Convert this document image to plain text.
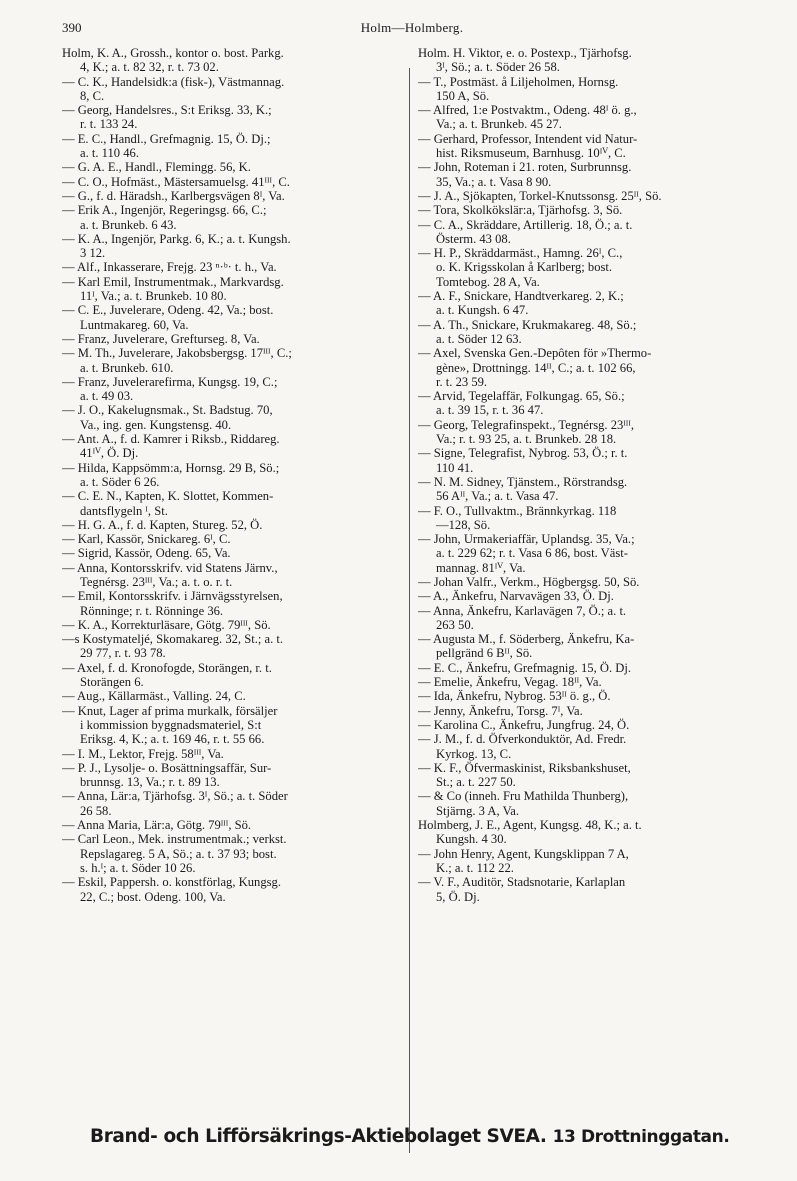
390	Holm—Holmberg.
Holm, K. A., Grossh., kontor o. bost. Parkg.
4, K.; a. t. 82 32, r. t. 73 02.
— C. K., Handelsidk:a (fisk-), Västmannag.
8, C.
— Georg, Handelsres., S:t Eriksg. 33, K.;
r. t. 133 24.
— E. C., Handl., Grefmagnig. 15, Ö. Dj.;
a. t. 110 46.
— G. A. E., Handl., Flemingg. 56, K.
— C. O., Hofmäst., Mästersamuelsg. 41ᴵᴵᴵ, C.
— G., f. d. Häradsh., Karlbergsvägen 8ᴵ, Va.
— Erik A., Ingenjör, Regeringsg. 66, C.;
a. t. Brunkeb. 6 43.
— K. A., Ingenjör, Parkg. 6, K.; a. t. Kungsh.
3 12.
— Alf., Inkasserare, Frejg. 23 ⁿ·ᵇ· t. h., Va.
— Karl Emil, Instrumentmak., Markvardsg.
11ᴵ, Va.; a. t. Brunkeb. 10 80.
— C. E., Juvelerare, Odeng. 42, Va.; bost.
Luntmakareg. 60, Va.
— Franz, Juvelerare, Grefturseg. 8, Va.
— M. Th., Juvelerare, Jakobsbergsg. 17ᴵᴵᴵ, C.;
a. t. Brunkeb. 610.
— Franz, Juvelerarefirma, Kungsg. 19, C.;
a. t. 49 03.
— J. O., Kakelugnsmak., St. Badstug. 70,
Va., ing. gen. Kungstensg. 40.
— Ant. A., f. d. Kamrer i Riksb., Riddareg.
41ᴵⱽ, Ö. Dj.
— Hilda, Kappsömm:a, Hornsg. 29 B, Sö.;
a. t. Söder 6 26.
— C. E. N., Kapten, K. Slottet, Kommen-
dantsflygeln ᴵ, St.
— H. G. A., f. d. Kapten, Stureg. 52, Ö.
— Karl, Kassör, Snickareg. 6ᴵ, C.
— Sigrid, Kassör, Odeng. 65, Va.
— Anna, Kontorsskrifv. vid Statens Järnv.,
Tegnérsg. 23ᴵᴵᴵ, Va.; a. t. o. r. t.
— Emil, Kontorsskrifv. i Järnvägsstyrelsen,
Rönninge; r. t. Rönninge 36.
— K. A., Korrekturläsare, Götg. 79ᴵᴵᴵ, Sö.
—s Kostymateljé, Skomakareg. 32, St.; a. t.
29 77, r. t. 93 78.
— Axel, f. d. Kronofogde, Storängen, r. t.
Storängen 6.
— Aug., Källarmäst., Valling. 24, C.
— Knut, Lager af prima murkalk, försäljer
i kommission byggnadsmateriel, S:t
Eriksg. 4, K.; a. t. 169 46, r. t. 55 66.
— I. M., Lektor, Frejg. 58ᴵᴵᴵ, Va.
— P. J., Lysolje- o. Bosättningsaffär, Sur-
brunnsg. 13, Va.; r. t. 89 13.
— Anna, Lär:a, Tjärhofsg. 3ᴵ, Sö.; a. t. Söder
26 58.
— Anna Maria, Lär:a, Götg. 79ᴵᴵᴵ, Sö.
— Carl Leon., Mek. instrumentmak.; verkst.
Repslagareg. 5 A, Sö.; a. t. 37 93; bost.
s. h.ᴵ; a. t. Söder 10 26.
— Eskil, Pappersh. o. konstförlag, Kungsg.
22, C.; bost. Odeng. 100, Va.
Holm. H. Viktor, e. o. Postexp., Tjärhofsg.
3ᴵ, Sö.; a. t. Söder 26 58.
— T., Postmäst. å Liljeholmen, Hornsg.
150 A, Sö.
— Alfred, 1:e Postvaktm., Odeng. 48ᴵ ö. g.,
Va.; a. t. Brunkeb. 45 27.
— Gerhard, Professor, Intendent vid Natur-
hist. Riksmuseum, Barnhusg. 10ᴵⱽ, C.
— John, Roteman i 21. roten, Surbrunnsg.
35, Va.; a. t. Vasa 8 90.
— J. A., Sjökapten, Torkel-Knutssonsg. 25ᴵᴵ, Sö.
— Tora, Skolkökslär:a, Tjärhofsg. 3, Sö.
— C. A., Skräddare, Artillerig. 18, Ö.; a. t.
Österm. 43 08.
— H. P., Skräddarmäst., Hamng. 26ᴵ, C.,
o. K. Krigsskolan å Karlberg; bost.
Tomtebog. 28 A, Va.
— A. F., Snickare, Handtverkareg. 2, K.;
a. t. Kungsh. 6 47.
— A. Th., Snickare, Krukmakareg. 48, Sö.;
a. t. Söder 12 63.
— Axel, Svenska Gen.-Depôten för »Thermo-
gène», Drottningg. 14ᴵᴵ, C.; a. t. 102 66,
r. t. 23 59.
— Arvid, Tegelaffär, Folkungag. 65, Sö.;
a. t. 39 15, r. t. 36 47.
— Georg, Telegrafinspekt., Tegnérsg. 23ᴵᴵᴵ,
Va.; r. t. 93 25, a. t. Brunkeb. 28 18.
— Signe, Telegrafist, Nybrog. 53, Ö.; r. t.
110 41.
— N. M. Sidney, Tjänstem., Rörstrandsg.
56 Aᴵᴵ, Va.; a. t. Vasa 47.
— F. O., Tullvaktm., Brännkyrkag. 118
—128, Sö.
— John, Urmakeriaffär, Uplandsg. 35, Va.;
a. t. 229 62; r. t. Vasa 6 86, bost. Väst-
mannag. 81ᴵⱽ, Va.
— Johan Valfr., Verkm., Högbergsg. 50, Sö.
— A., Änkefru, Narvavägen 33, Ö. Dj.
— Anna, Änkefru, Karlavägen 7, Ö.; a. t.
263 50.
— Augusta M., f. Söderberg, Änkefru, Ka-
pellgränd 6 Bᴵᴵ, Sö.
— E. C., Änkefru, Grefmagnig. 15, Ö. Dj.
— Emelie, Änkefru, Vegag. 18ᴵᴵ, Va.
— Ida, Änkefru, Nybrog. 53ᴵᴵ ö. g., Ö.
— Jenny, Änkefru, Torsg. 7ᴵ, Va.
— Karolina C., Änkefru, Jungfrug. 24, Ö.
— J. M., f. d. Öfverkonduktör, Ad. Fredr.
Kyrkog. 13, C.
— K. F., Öfvermaskinist, Riksbankshuset,
St.; a. t. 227 50.
— & Co (inneh. Fru Mathilda Thunberg),
Stjärng. 3 A, Va.
Holmberg, J. E., Agent, Kungsg. 48, K.; a. t.
Kungsh. 4 30.
— John Henry, Agent, Kungsklippan 7 A,
K.; a. t. 112 22.
— V. F., Auditör, Stadsnotarie, Karlaplan
5, Ö. Dj.
Brand- och Lifförsäkrings-Aktiebolaget SVEA. 13 Drottninggatan.
